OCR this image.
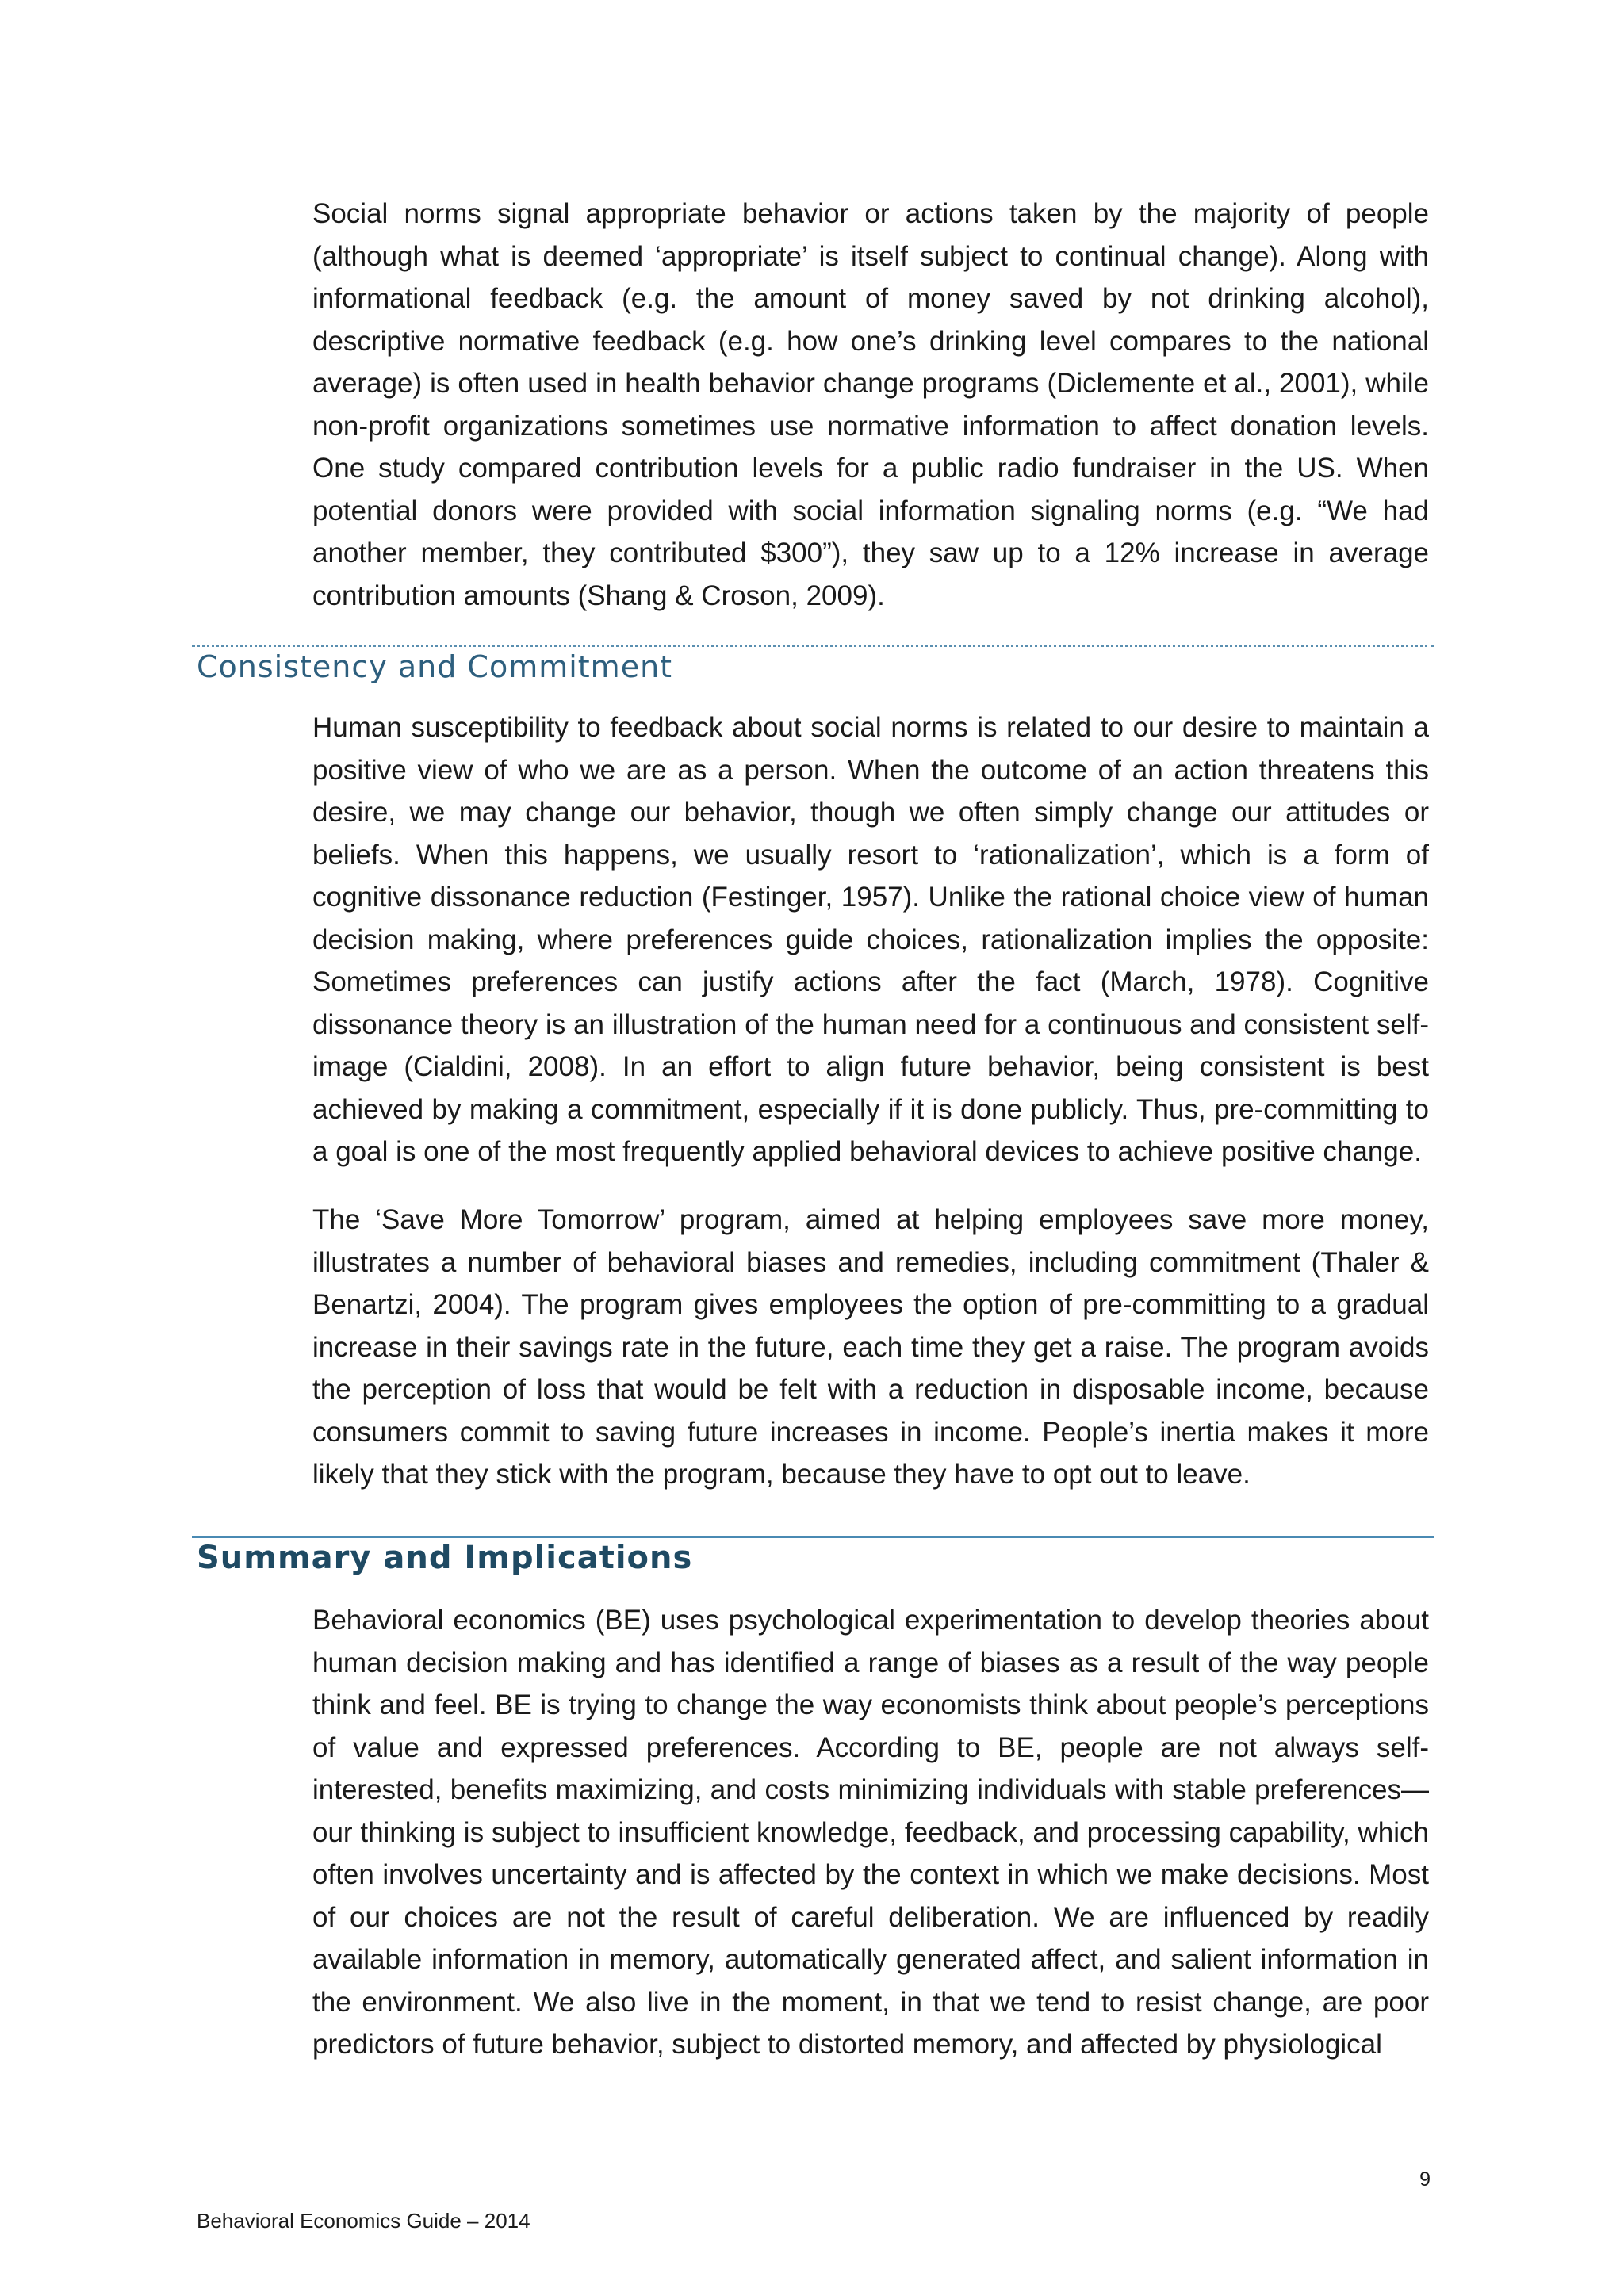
Social norms signal appropriate behavior or actions taken by the majority of people (although what is deemed ‘appropriate’ is itself subject to continual change). Along with informational feedback (e.g. the amount of money saved by not drinking alcohol), descriptive normative feedback (e.g. how one’s drinking level compares to the national average) is often used in health behavior change programs (Diclemente et al., 2001), while non-profit organizations sometimes use normative information to affect donation levels. One study compared contribution levels for a public radio fundraiser in the US. When potential donors were provided with social information signaling norms (e.g. “We had another member, they contributed $300”), they saw up to a 12% increase in average contribution amounts (Shang & Croson, 2009).

Consistency and Commitment

Human susceptibility to feedback about social norms is related to our desire to maintain a positive view of who we are as a person. When the outcome of an action threatens this desire, we may change our behavior, though we often simply change our attitudes or beliefs. When this happens, we usually resort to ‘rationalization’, which is a form of cognitive dissonance reduction (Festinger, 1957). Unlike the rational choice view of human decision making, where preferences guide choices, rationalization implies the opposite: Sometimes preferences can justify actions after the fact (March, 1978). Cognitive dissonance theory is an illustration of the human need for a continuous and consistent self-image (Cialdini, 2008). In an effort to align future behavior, being consistent is best achieved by making a commitment, especially if it is done publicly. Thus, pre-committing to a goal is one of the most frequently applied behavioral devices to achieve positive change.

The ‘Save More Tomorrow’ program, aimed at helping employees save more money, illustrates a number of behavioral biases and remedies, including commitment (Thaler & Benartzi, 2004). The program gives employees the option of pre-committing to a gradual increase in their savings rate in the future, each time they get a raise. The program avoids the perception of loss that would be felt with a reduction in disposable income, because consumers commit to saving future increases in income. People’s inertia makes it more likely that they stick with the program, because they have to opt out to leave.

Summary and Implications

Behavioral economics (BE) uses psychological experimentation to develop theories about human decision making and has identified a range of biases as a result of the way people think and feel. BE is trying to change the way economists think about people’s perceptions of value and expressed preferences. According to BE, people are not always self-interested, benefits maximizing, and costs minimizing individuals with stable preferences—our thinking is subject to insufficient knowledge, feedback, and processing capability, which often involves uncertainty and is affected by the context in which we make decisions. Most of our choices are not the result of careful deliberation. We are influenced by readily available information in memory, automatically generated affect, and salient information in the environment. We also live in the moment, in that we tend to resist change, are poor predictors of future behavior, subject to distorted memory, and affected by physiological

9
Behavioral Economics Guide – 2014
